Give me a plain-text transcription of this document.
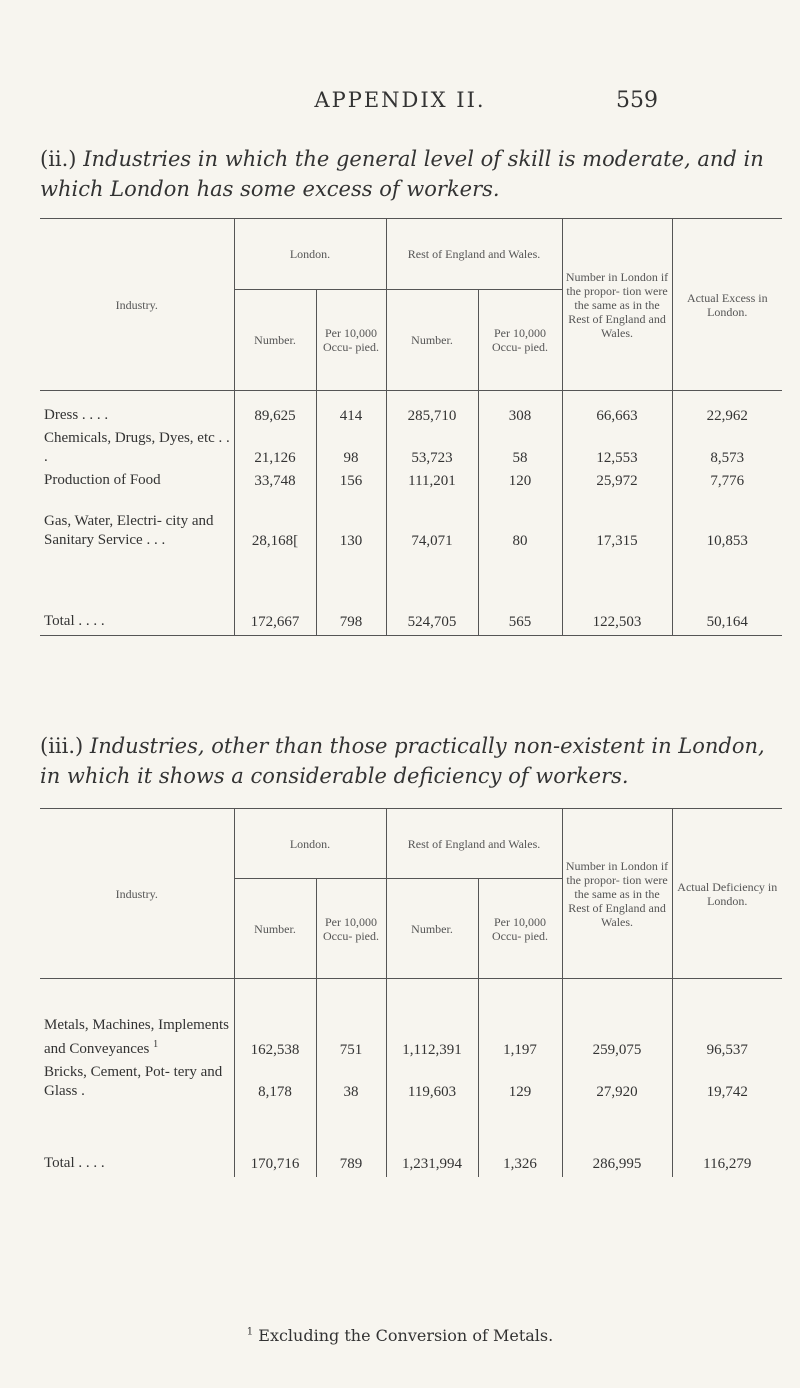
APPENDIX II.	559
(ii.) Industries in which the general level of skill is moderate, and in which London has some excess of workers.
Industry.	London.		Rest of England and Wales.		Number in London if the propor- tion were the same as in the Rest of England and Wales.	Actual Excess in London.
	Number.	Per 10,000 Occu- pied.	Number.	Per 10,000 Occu- pied.		
Dress . . . .	89,625	414	285,710	308	66,663	22,962
Chemicals, Drugs, Dyes, etc . . .	21,126	98	53,723	58	12,553	8,573
Production of Food	33,748	156	111,201	120	25,972	7,776
Gas, Water, Electri- city and Sanitary Service . . .	28,168[	130	74,071	80	17,315	10,853
Total . . . .	172,667	798	524,705	565	122,503	50,164
(iii.) Industries, other than those practically non-existent in London, in which it shows a considerable deficiency of workers.
Industry.	London.		Rest of England and Wales.		Number in London if the propor- tion were the same as in the Rest of England and Wales.	Actual Deficiency in London.
	Number.	Per 10,000 Occu- pied.	Number.	Per 10,000 Occu- pied.		
Metals, Machines, Implements and Conveyances $^1$	162,538	751	1,112,391	1,197	259,075	96,537
Bricks, Cement, Pot- tery and Glass .	8,178	38	119,603	129	27,920	19,742
Total . . . .	170,716	789	1,231,994	1,326	286,995	116,279
$^1$ Excluding the Conversion of Metals.
